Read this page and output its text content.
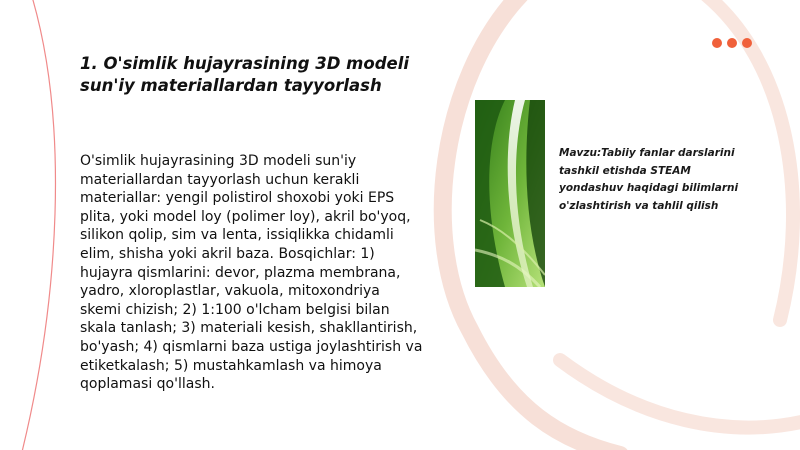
1. O'simlik hujayrasining 3D modeli sun'iy materiallardan tayyorlash

O'simlik hujayrasining 3D modeli sun'iy materiallardan tayyorlash uchun kerakli materiallar: yengil polistirol shoxobi yoki EPS plita, yoki model loy (polimer loy), akril bo'yoq, silikon qolip, sim va lenta, issiqlikka chidamli elim, shisha yoki akril baza. Bosqichlar: 1) hujayra qismlarini: devor, plazma membrana, yadro, xloroplastlar, vakuola, mitoxondriya skemi chizish; 2) 1:100 o'lcham belgisi bilan skala tanlash; 3) materiali kesish, shakllantirish, bo'yash; 4) qismlarni baza ustiga joylashtirish va etiketkalash; 5) mustahkamlash va himoya qoplamasi qo'llash.

Mavzu:Tabiiy fanlar darslarini tashkil etishda STEAM yondashuv haqidagi bilimlarni o'zlashtirish va tahlil qilish
